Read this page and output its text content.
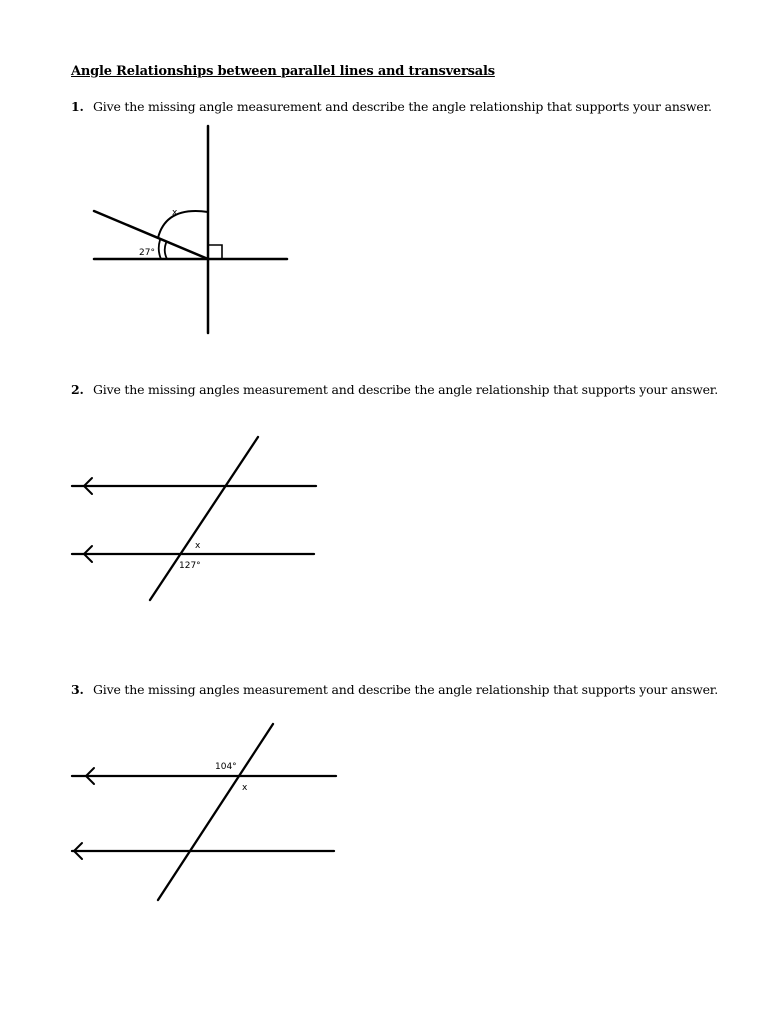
Angle Relationships between parallel lines and transversals
1. Give the missing angle measurement and describe the angle relationship that supports your answer.
x
27°
2. Give the missing angles measurement and describe the angle relationship that supports your answer.
x
127°
3. Give the missing angles measurement and describe the angle relationship that supports your answer.
104°
x
